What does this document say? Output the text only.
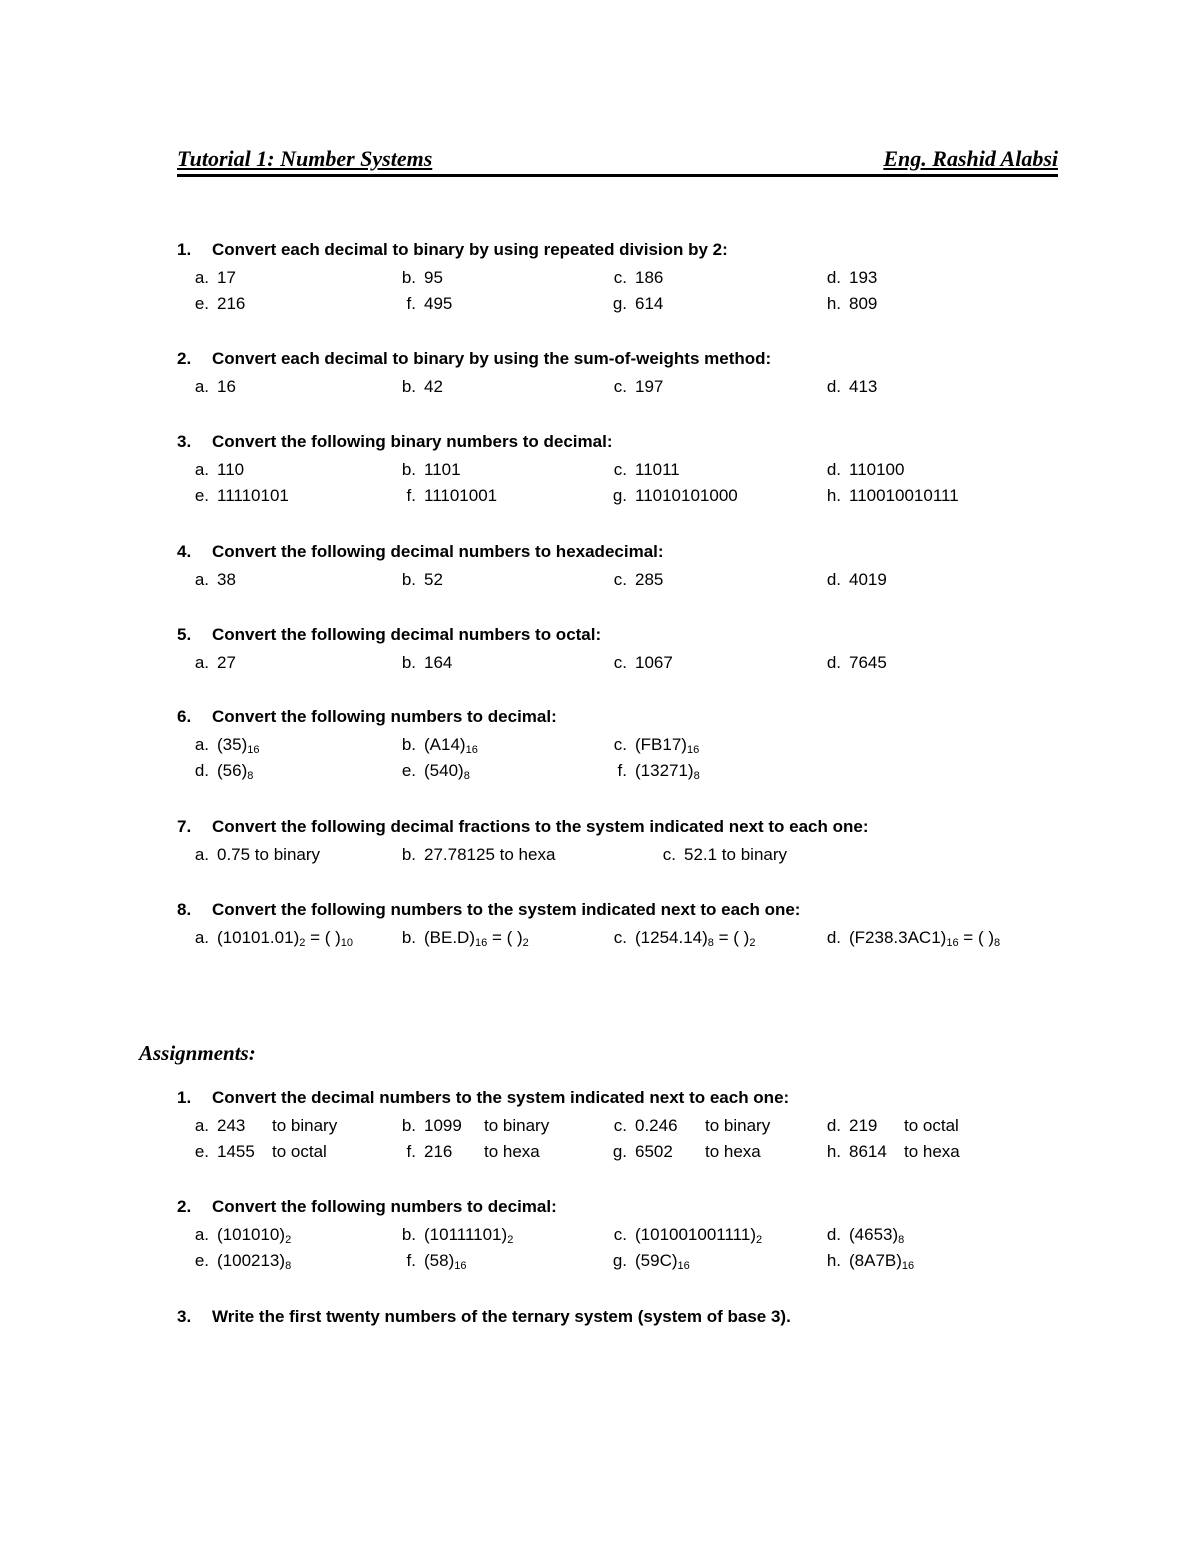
Tutorial 1: Number Systems	Eng. Rashid Alabsi
1. Convert each decimal to binary by using repeated division by 2:
a. 17	b. 95	c. 186	d. 193
e. 216	f. 495	g. 614	h. 809
2. Convert each decimal to binary by using the sum-of-weights method:
a. 16	b. 42	c. 197	d. 413
3. Convert the following binary numbers to decimal:
a. 110	b. 1101	c. 11011	d. 110100
e. 11110101	f. 11101001	g. 11010101000	h. 110010010111
4. Convert the following decimal numbers to hexadecimal:
a. 38	b. 52	c. 285	d. 4019
5. Convert the following decimal numbers to octal:
a. 27	b. 164	c. 1067	d. 7645
6. Convert the following numbers to decimal:
a. $(35)_{16}$	b. $(A14)_{16}$	c. $(FB17)_{16}$
d. $(56)_8$	e. $(540)_8$	f. $(13271)_8$
7. Convert the following decimal fractions to the system indicated next to each one:
a. 0.75 to binary	b. 27.78125 to hexa	c. 52.1 to binary
8. Convert the following numbers to the system indicated next to each one:
a. $(10101.01)_2$ = ( )$_{10}$	b. $(BE.D)_{16}$ = ( )$_2$	c. $(1254.14)_8$ = ( )$_2$	d. $(F238.3AC1)_{16}$ = ( )$_8$
Assignments:
1. Convert the decimal numbers to the system indicated next to each one:
a. 243 to binary	b. 1099 to binary	c. 0.246 to binary	d. 219 to octal
e. 1455 to octal	f. 216 to hexa	g. 6502 to hexa	h. 8614 to hexa
2. Convert the following numbers to decimal:
a. $(101010)_2$	b. $(10111101)_2$	c. $(101001001111)_2$	d. $(4653)_8$
e. $(100213)_8$	f. $(58)_{16}$	g. $(59C)_{16}$	h. $(8A7B)_{16}$
3. Write the first twenty numbers of the ternary system (system of base 3).
